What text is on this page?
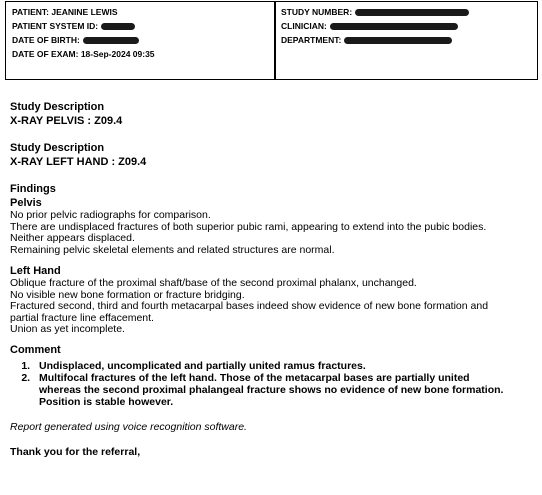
PATIENT:
JEANINE LEWIS
PATIENT SYSTEM ID:
DATE OF BIRTH:
DATE OF EXAM:
18-Sep-2024 09:35
STUDY NUMBER:
CLINICIAN:
DEPARTMENT:
Study Description
X-RAY PELVIS : Z09.4
Study Description
X-RAY LEFT HAND : Z09.4
Findings
Pelvis
No prior pelvic radiographs for comparison.
There are undisplaced fractures of both superior pubic rami, appearing to extend into the pubic bodies.
Neither appears displaced.
Remaining pelvic skeletal elements and related structures are normal.
Left Hand
Oblique fracture of the proximal shaft/base of the second proximal phalanx, unchanged.
No visible new bone formation or fracture bridging.
Fractured second, third and fourth metacarpal bases indeed show evidence of new bone formation and partial fracture line effacement.
Union as yet incomplete.
Comment
1. Undisplaced, uncomplicated and partially united ramus fractures.
2. Multifocal fractures of the left hand. Those of the metacarpal bases are partially united whereas the second proximal phalangeal fracture shows no evidence of new bone formation. Position is stable however.
Report generated using voice recognition software.
Thank you for the referral,
